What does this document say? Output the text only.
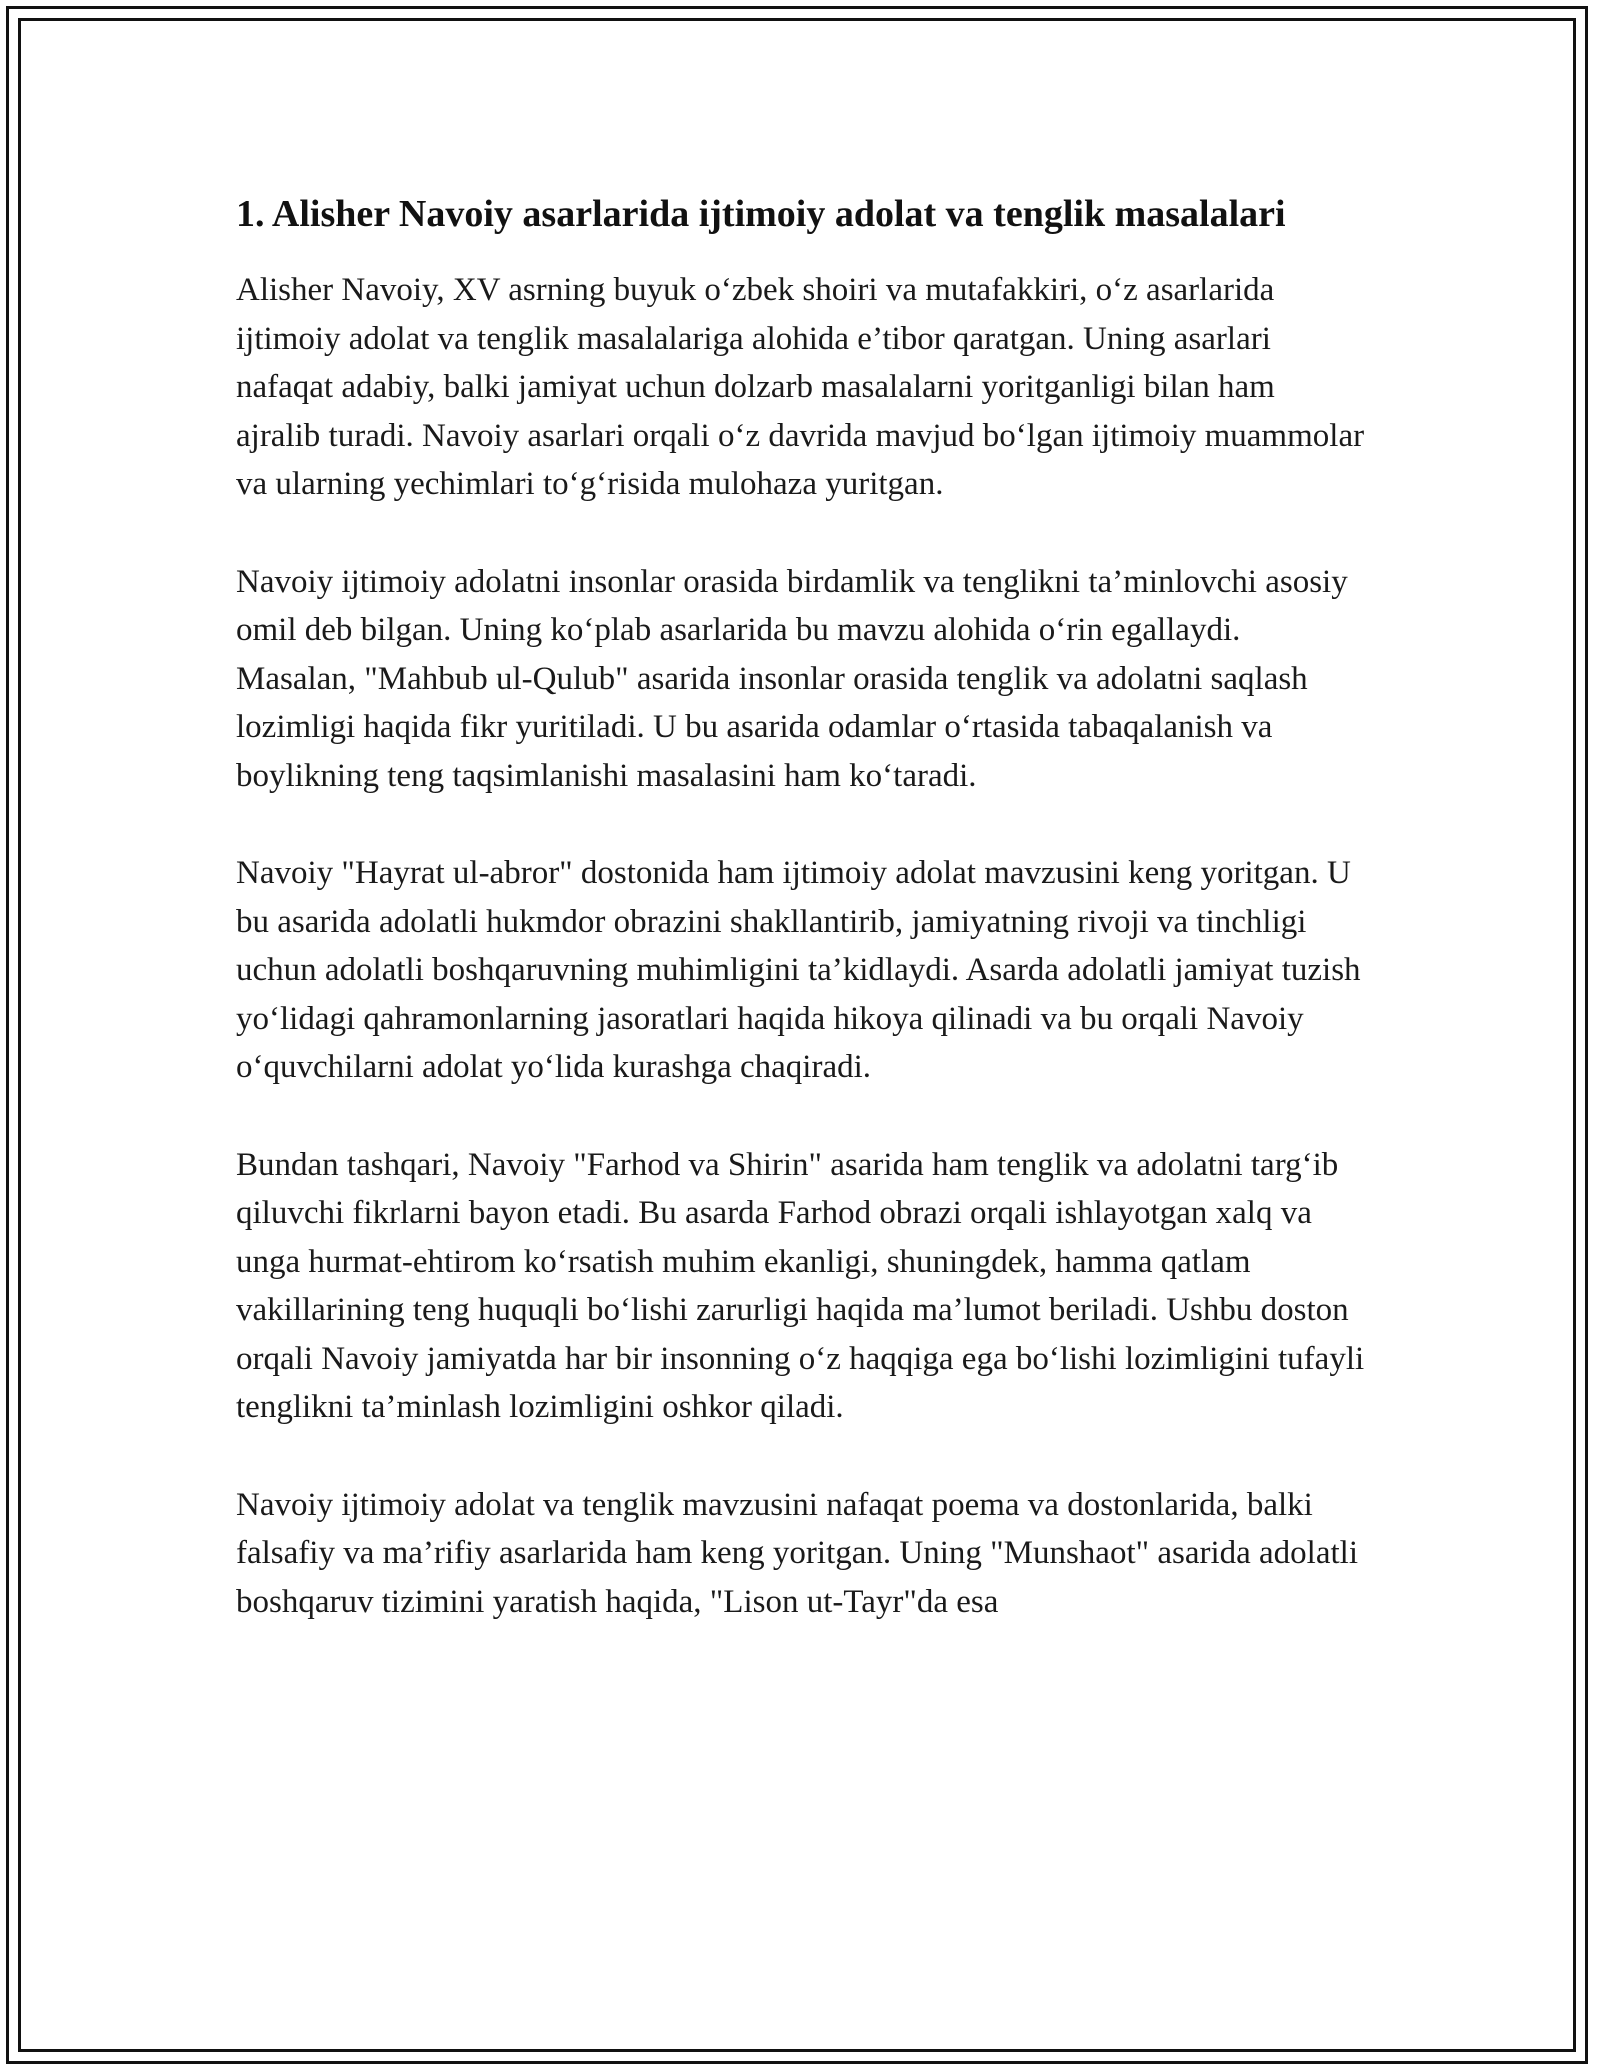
1. Alisher Navoiy asarlarida ijtimoiy adolat va tenglik masalalari

Alisher Navoiy, XV asrning buyuk o‘zbek shoiri va mutafakkiri, o‘z asarlarida ijtimoiy adolat va tenglik masalalariga alohida e’tibor qaratgan. Uning asarlari nafaqat adabiy, balki jamiyat uchun dolzarb masalalarni yoritganligi bilan ham ajralib turadi. Navoiy asarlari orqali o‘z davrida mavjud bo‘lgan ijtimoiy muammolar va ularning yechimlari to‘g‘risida mulohaza yuritgan.

Navoiy ijtimoiy adolatni insonlar orasida birdamlik va tenglikni ta’minlovchi asosiy omil deb bilgan. Uning ko‘plab asarlarida bu mavzu alohida o‘rin egallaydi. Masalan, "Mahbub ul-Qulub" asarida insonlar orasida tenglik va adolatni saqlash lozimligi haqida fikr yuritiladi. U bu asarida odamlar o‘rtasida tabaqalanish va boylikning teng taqsimlanishi masalasini ham ko‘taradi.

Navoiy "Hayrat ul-abror" dostonida ham ijtimoiy adolat mavzusini keng yoritgan. U bu asarida adolatli hukmdor obrazini shakllantirib, jamiyatning rivoji va tinchligi uchun adolatli boshqaruvning muhimligini ta’kidlaydi. Asarda adolatli jamiyat tuzish yo‘lidagi qahramonlarning jasoratlari haqida hikoya qilinadi va bu orqali Navoiy o‘quvchilarni adolat yo‘lida kurashga chaqiradi.

Bundan tashqari, Navoiy "Farhod va Shirin" asarida ham tenglik va adolatni targ‘ib qiluvchi fikrlarni bayon etadi. Bu asarda Farhod obrazi orqali ishlayotgan xalq va unga hurmat-ehtirom ko‘rsatish muhim ekanligi, shuningdek, hamma qatlam vakillarining teng huquqli bo‘lishi zarurligi haqida ma’lumot beriladi. Ushbu doston orqali Navoiy jamiyatda har bir insonning o‘z haqqiga ega bo‘lishi lozimligini tufayli tenglikni ta’minlash lozimligini oshkor qiladi.

Navoiy ijtimoiy adolat va tenglik mavzusini nafaqat poema va dostonlarida, balki falsafiy va ma’rifiy asarlarida ham keng yoritgan. Uning "Munshaot" asarida adolatli boshqaruv tizimini yaratish haqida, "Lison ut-Tayr"da esa
